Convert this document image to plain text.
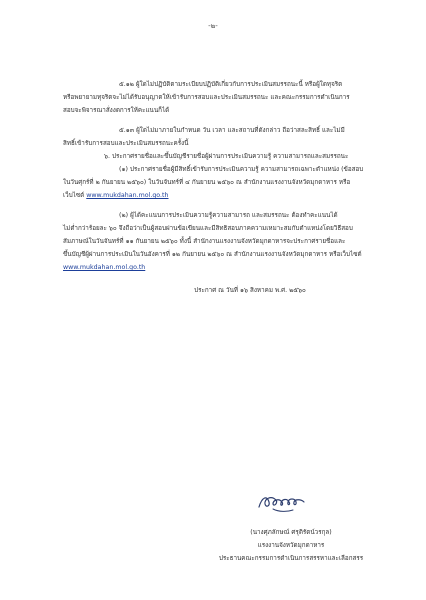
-๒-
๕.๑๒ ผู้ใดไม่ปฏิบัติตามระเบียบปฏิบัติเกี่ยวกับการประเมินสมรรถนะนี้ หรือผู้ใดทุจริต
หรือพยายามทุจริตจะไม่ได้รับอนุญาตให้เข้ารับการสอบและประเมินสมรรถนะ และคณะกรรมการดำเนินการ
สอบจะพิจารณาสั่งงดการให้คะแนนก็ได้
๕.๑๓ ผู้ใดไม่มาภายในกำหนด วัน เวลา และสถานที่ดังกล่าว ถือว่าสละสิทธิ์ และไม่มี
สิทธิ์เข้ารับการสอบและประเมินสมรรถนะครั้งนี้
๖. ประกาศรายชื่อและขึ้นบัญชีรายชื่อผู้ผ่านการประเมินความรู้ ความสามารถและสมรรถนะ
(๑) ประกาศรายชื่อผู้มีสิทธิ์เข้ารับการประเมินความรู้ ความสามารถเฉพาะตำแหน่ง (ข้อสอบ
ในวันศุกร์ที่ ๒ กันยายน ๒๕๖๐) ในวันจันทร์ที่ ๔ กันยายน ๒๕๖๐ ณ สำนักงานแรงงานจังหวัดมุกดาหาร หรือ
เว็บไซต์ www.mukdahan.mol.go.th
(๒) ผู้ได้คะแนนการประเมินความรู้ความสามารถ และสมรรถนะ ต้องทำคะแนนได้
ไม่ต่ำกว่าร้อยละ ๖๐ จึงถือว่าเป็นผู้สอบผ่านข้อเขียนและมีสิทธิสอบภาคความเหมาะสมกับตำแหน่งโดยวิธีสอบ
สัมภาษณ์ในวันจันทร์ที่ ๑๑ กันยายน ๒๕๖๐ ทั้งนี้ สำนักงานแรงงานจังหวัดมุกดาหารจะประกาศรายชื่อและ
ขึ้นบัญชีผู้ผ่านการประเมินในวันอังคารที่ ๑๒ กันยายน ๒๕๖๐ ณ สำนักงานแรงงานจังหวัดมุกดาหาร หรือเว็บไซต์
www.mukdahan.mol.go.th
ประกาศ ณ วันที่ ๑๖ สิงหาคม พ.ศ. ๒๕๖๐
(นางศุภลักษณ์ ศรุติรัตน์วรกุล)
แรงงานจังหวัดมุกดาหาร
ประธานคณะกรรมการดำเนินการสรรหาและเลือกสรร
